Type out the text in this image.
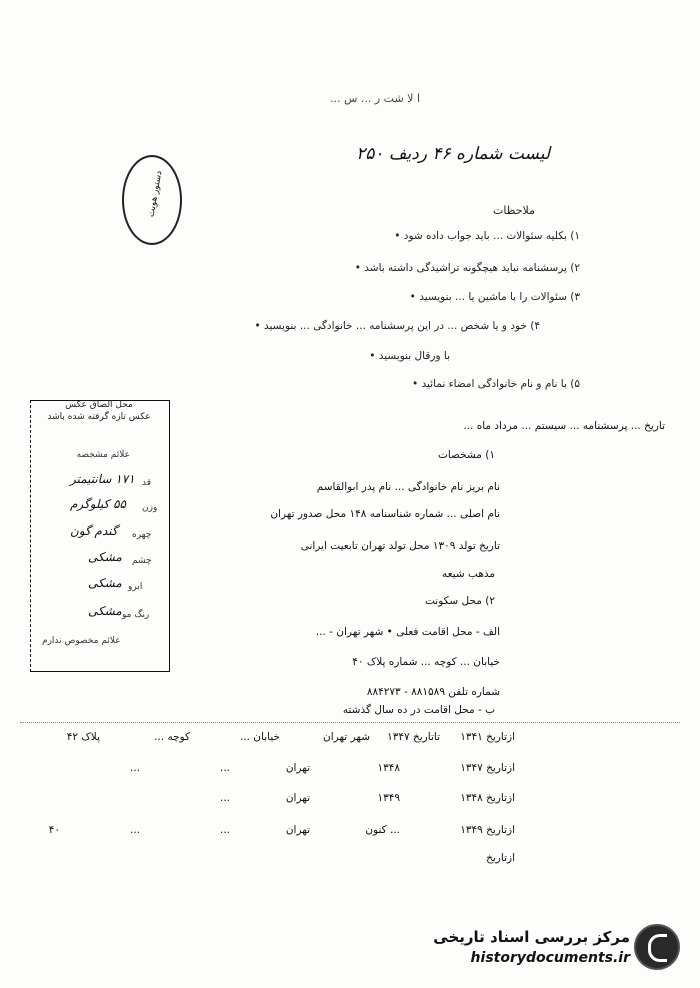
ا لا شت ر ... س ...
لیست شماره ۴۶ ردیف ۲۵۰
دستور هویت	ملاحظات
۱) بکلیه سئوالات ... باید جواب داده شود •
۲) پرسشنامه نباید هیچگونه تراشیدگی داشته باشد •
۳) سئوالات را با ماشین یا ... بنویسید •
۴) خود و یا شخص ... در این پرسشنامه ... خانوادگی ... بنویسید •
با ورقال بنویسید •
۵) با نام و نام خانوادگی امضاء نمائید •
محل الصاق عکس
عکس تازه گرفته شده باشد
علائم مشخصه
قد
۱۷۱ سانتیمتر
وزن
۵۵ کیلوگرم
چهره
گندم گون
چشم
مشکی
ابرو
مشکی
رنگ مو
مشکی
علائم مخصوص ندارم
تاریخ ... پرسشنامه ... سیستم ... مرداد ماه ...
۱) مشخصات
نام بریز نام خانوادگی ... نام پدر ابوالقاسم
نام اصلی ... شماره شناسنامه ۱۴۸ محل صدور تهران
تاریخ تولد ۱۳۰۹ محل تولد تهران تابعیت ایرانی
مذهب شیعه
۲) محل سکونت
الف - محل اقامت فعلی • شهر تهران - ...
خیابان ... کوچه ... شماره پلاک ۴۰
شماره تلفن ۸۸۱۵۸۹ - ۸۸۴۲۷۳
ب - محل اقامت در ده سال گذشته
ازتاریخ ۱۳۴۱
تاتاریخ ۱۳۴۷
شهر تهران
خیابان ...
کوچه ...
پلاک ۴۲
ازتاریخ ۱۳۴۷
۱۳۴۸
تهران
...
...
ازتاریخ ۱۳۴۸
۱۳۴۹
تهران
...
ازتاریخ ۱۳۴۹
... کنون
تهران
...
...
۴۰
ازتاریخ
مرکز بررسی اسناد تاریخی
historydocuments.ir
